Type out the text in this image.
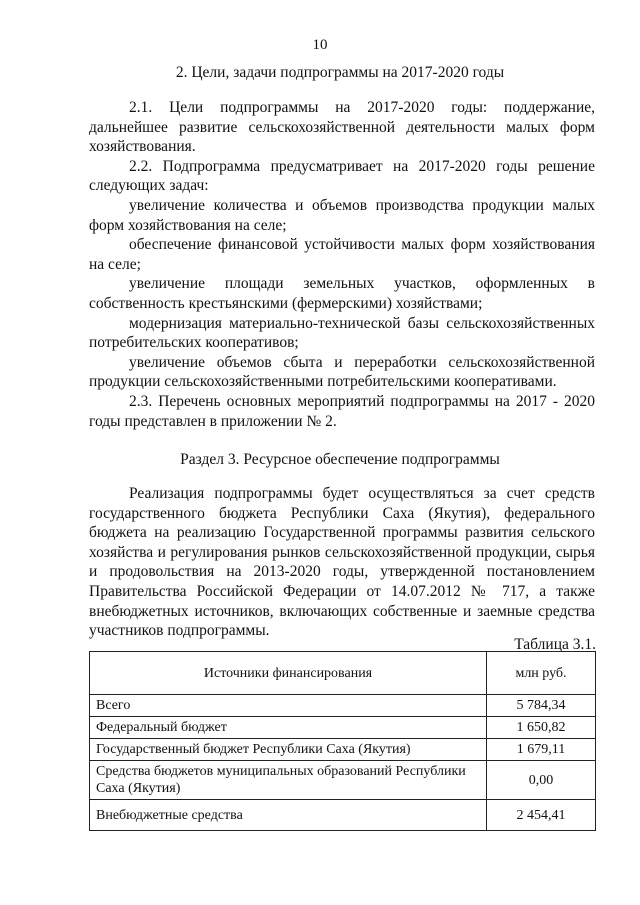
10
2. Цели, задачи подпрограммы на 2017-2020 годы

2.1. Цели подпрограммы на 2017-2020 годы: поддержание, дальнейшее развитие сельскохозяйственной деятельности малых форм хозяйствования.

2.2. Подпрограмма предусматривает на 2017-2020 годы решение следующих задач:

увеличение количества и объемов производства продукции малых форм хозяйствования на селе;

обеспечение финансовой устойчивости малых форм хозяйствования на селе;

увеличение площади земельных участков, оформленных в собственность крестьянскими (фермерскими) хозяйствами;

модернизация материально-технической базы сельскохозяйственных потребительских кооперативов;

увеличение объемов сбыта и переработки сельскохозяйственной продукции сельскохозяйственными потребительскими кооперативами.

2.3. Перечень основных мероприятий подпрограммы на 2017 - 2020 годы представлен в приложении № 2.

Раздел 3. Ресурсное обеспечение подпрограммы

Реализация подпрограммы будет осуществляться за счет средств государственного бюджета Республики Саха (Якутия), федерального бюджета на реализацию Государственной программы развития сельского хозяйства и регулирования рынков сельскохозяйственной продукции, сырья и продовольствия на 2013-2020 годы, утвержденной постановлением Правительства Российской Федерации от 14.07.2012 № 717, а также внебюджетных источников, включающих собственные и заемные средства участников подпрограммы.

Таблица 3.1.
Источники финансирования	млн руб.
Всего	5 784,34
Федеральный бюджет	1 650,82
Государственный бюджет Республики Саха (Якутия)	1 679,11
Средства бюджетов муниципальных образований Республики Саха (Якутия)	0,00
Внебюджетные средства	2 454,41
